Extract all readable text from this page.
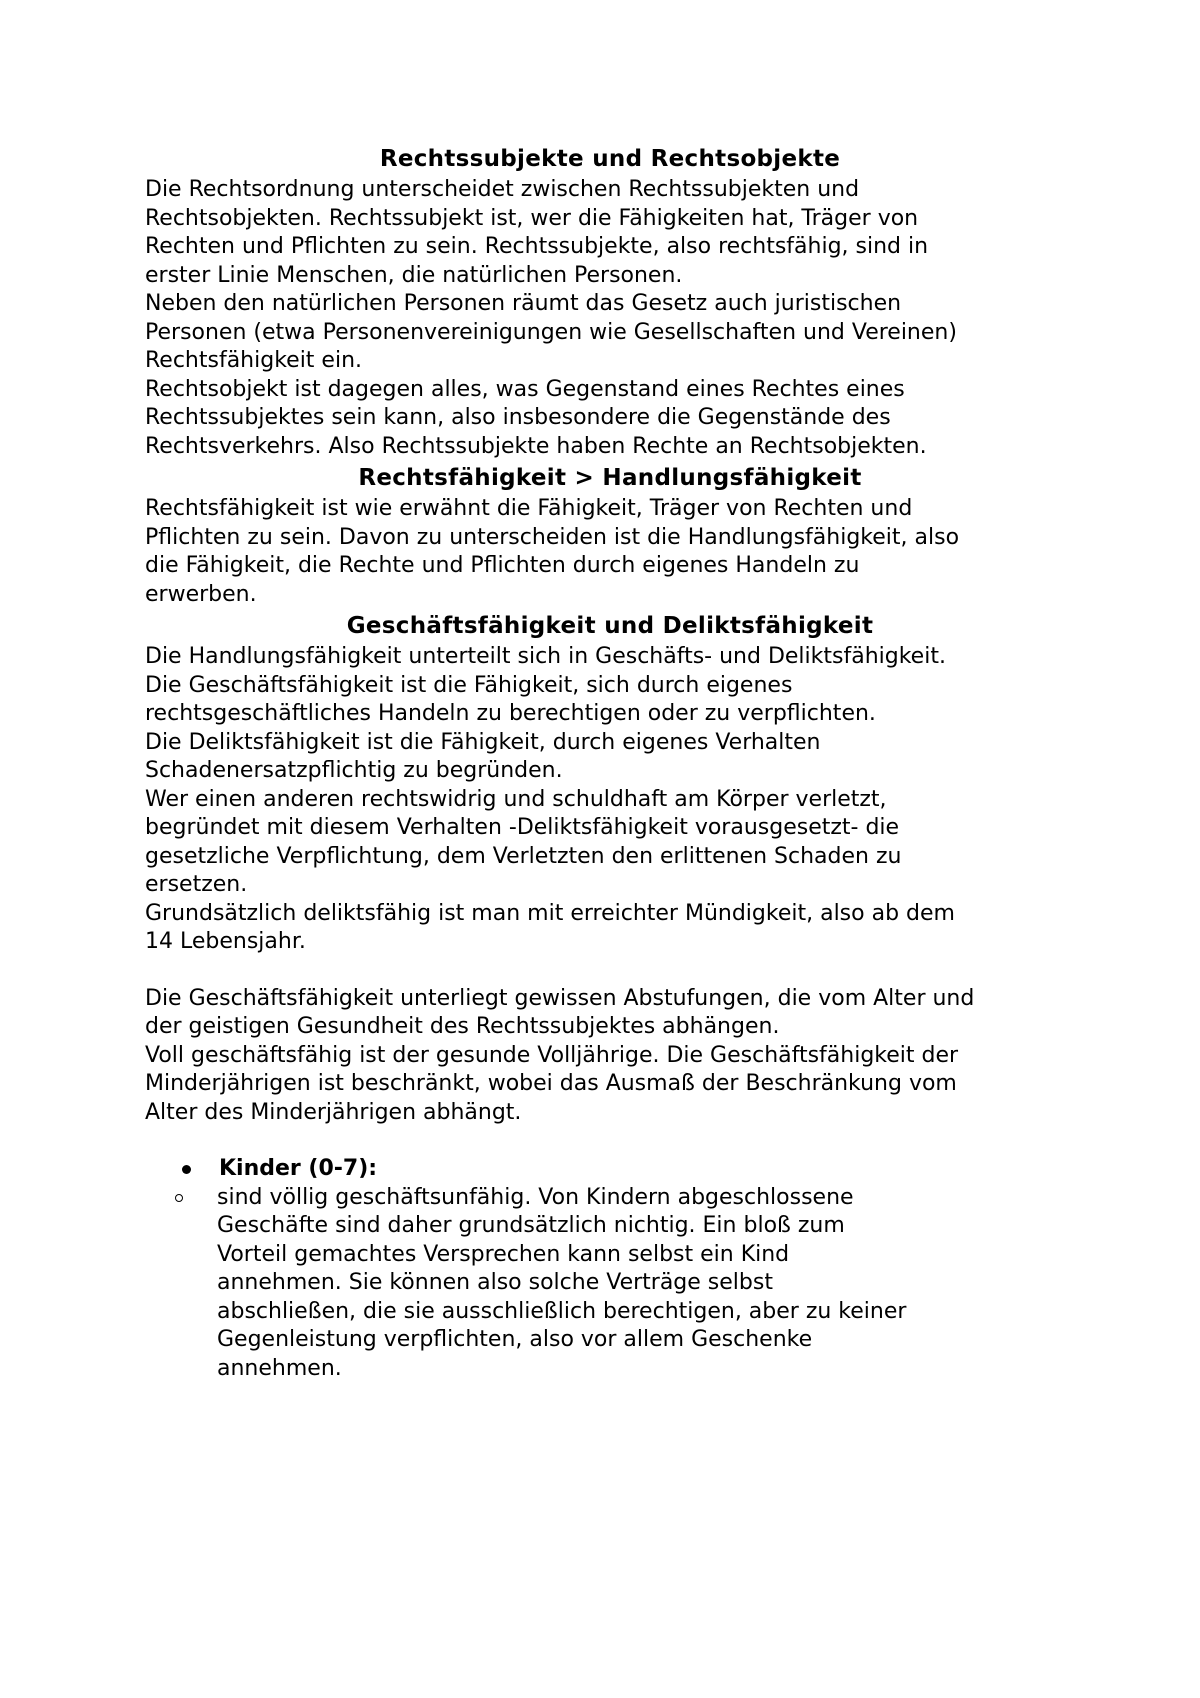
Rechtssubjekte und Rechtsobjekte

Die Rechtsordnung unterscheidet zwischen Rechtssubjekten und

Rechtsobjekten. Rechtssubjekt ist, wer die Fähigkeiten hat, Träger von

Rechten und Pflichten zu sein. Rechtssubjekte, also rechtsfähig, sind in

erster Linie Menschen, die natürlichen Personen.

Neben den natürlichen Personen räumt das Gesetz auch juristischen

Personen (etwa Personenvereinigungen wie Gesellschaften und Vereinen)

Rechtsfähigkeit ein.

Rechtsobjekt ist dagegen alles, was Gegenstand eines Rechtes eines

Rechtssubjektes sein kann, also insbesondere die Gegenstände des

Rechtsverkehrs. Also Rechtssubjekte haben Rechte an Rechtsobjekten.

Rechtsfähigkeit > Handlungsfähigkeit

Rechtsfähigkeit ist wie erwähnt die Fähigkeit, Träger von Rechten und

Pflichten zu sein. Davon zu unterscheiden ist die Handlungsfähigkeit, also

die Fähigkeit, die Rechte und Pflichten durch eigenes Handeln zu

erwerben.

Geschäftsfähigkeit und Deliktsfähigkeit

Die Handlungsfähigkeit unterteilt sich in Geschäfts- und Deliktsfähigkeit.

Die Geschäftsfähigkeit ist die Fähigkeit, sich durch eigenes

rechtsgeschäftliches Handeln zu berechtigen oder zu verpflichten.

Die Deliktsfähigkeit ist die Fähigkeit, durch eigenes Verhalten

Schadenersatzpflichtig zu begründen.

Wer einen anderen rechtswidrig und schuldhaft am Körper verletzt,

begründet mit diesem Verhalten -Deliktsfähigkeit vorausgesetzt- die

gesetzliche Verpflichtung, dem Verletzten den erlittenen Schaden zu

ersetzen.

Grundsätzlich deliktsfähig ist man mit erreichter Mündigkeit, also ab dem

14 Lebensjahr.

Die Geschäftsfähigkeit unterliegt gewissen Abstufungen, die vom Alter und

der geistigen Gesundheit des Rechtssubjektes abhängen.

Voll geschäftsfähig ist der gesunde Volljährige. Die Geschäftsfähigkeit der

Minderjährigen ist beschränkt, wobei das Ausmaß der Beschränkung vom

Alter des Minderjährigen abhängt.

Kinder (0-7):

sind völlig geschäftsunfähig. Von Kindern abgeschlossene

Geschäfte sind daher grundsätzlich nichtig. Ein bloß zum

Vorteil gemachtes Versprechen kann selbst ein Kind

annehmen. Sie können also solche Verträge selbst

abschließen, die sie ausschließlich berechtigen, aber zu keiner

Gegenleistung verpflichten, also vor allem Geschenke

annehmen.
